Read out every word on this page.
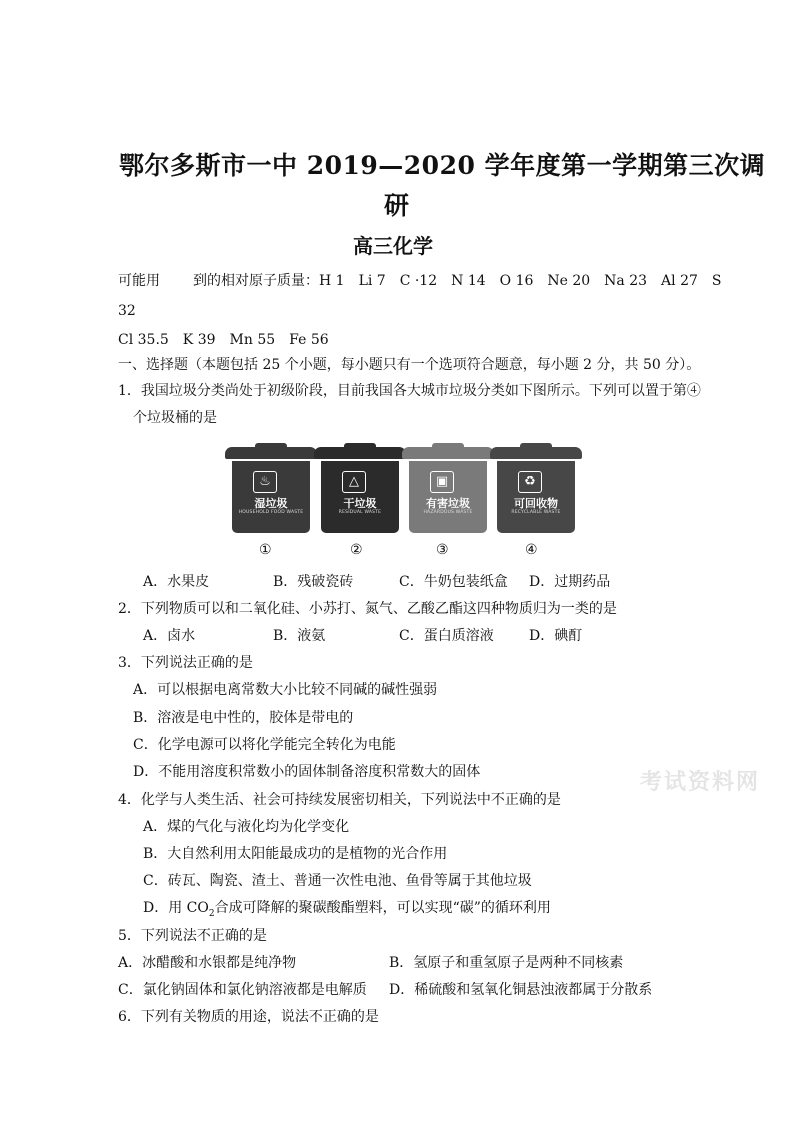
鄂尔多斯市一中 2019—2020 学年度第一学期第三次调
研
高三化学
可能用 到的相对原子质量：H 1　Li 7　C ·12　N 14　O 16　Ne 20　Na 23　Al 27　S
32
Cl 35.5　K 39　Mn 55　Fe 56
一、选择题（本题包括 25 个小题，每小题只有一个选项符合题意，每小题 2 分，共 50 分）。
1．我国垃圾分类尚处于初级阶段，目前我国各大城市垃圾分类如下图所示。下列可以置于第④
个垃圾桶的是
♨
湿垃圾
HOUSEHOLD FOOD WASTE
△
干垃圾
RESIDUAL WASTE
▣
有害垃圾
HAZARDOUS WASTE
♻
可回收物
RECYCLABLE WASTE
①	②	③	④
A．水果皮	B．残破瓷砖	C．牛奶包装纸盒 D．过期药品
2．下列物质可以和二氧化硅、小苏打、氮气、乙酸乙酯这四种物质归为一类的是
A．卤水	B．液氨	C．蛋白质溶液	D．碘酊
3．下列说法正确的是
A．可以根据电离常数大小比较不同碱的碱性强弱
B．溶液是电中性的，胶体是带电的
C．化学电源可以将化学能完全转化为电能
D．不能用溶度积常数小的固体制备溶度积常数大的固体	考试资料网
4．化学与人类生活、社会可持续发展密切相关，下列说法中不正确的是
A．煤的气化与液化均为化学变化
B．大自然利用太阳能最成功的是植物的光合作用
C．砖瓦、陶瓷、渣土、普通一次性电池、鱼骨等属于其他垃圾
D．用 $CO_2$合成可降解的聚碳酸酯塑料，可以实现“碳”的循环利用
5．下列说法不正确的是
A．冰醋酸和水银都是纯净物	B．氢原子和重氢原子是两种不同核素
C．氯化钠固体和氯化钠溶液都是电解质 D．稀硫酸和氢氧化铜悬浊液都属于分散系
6．下列有关物质的用途，说法不正确的是
